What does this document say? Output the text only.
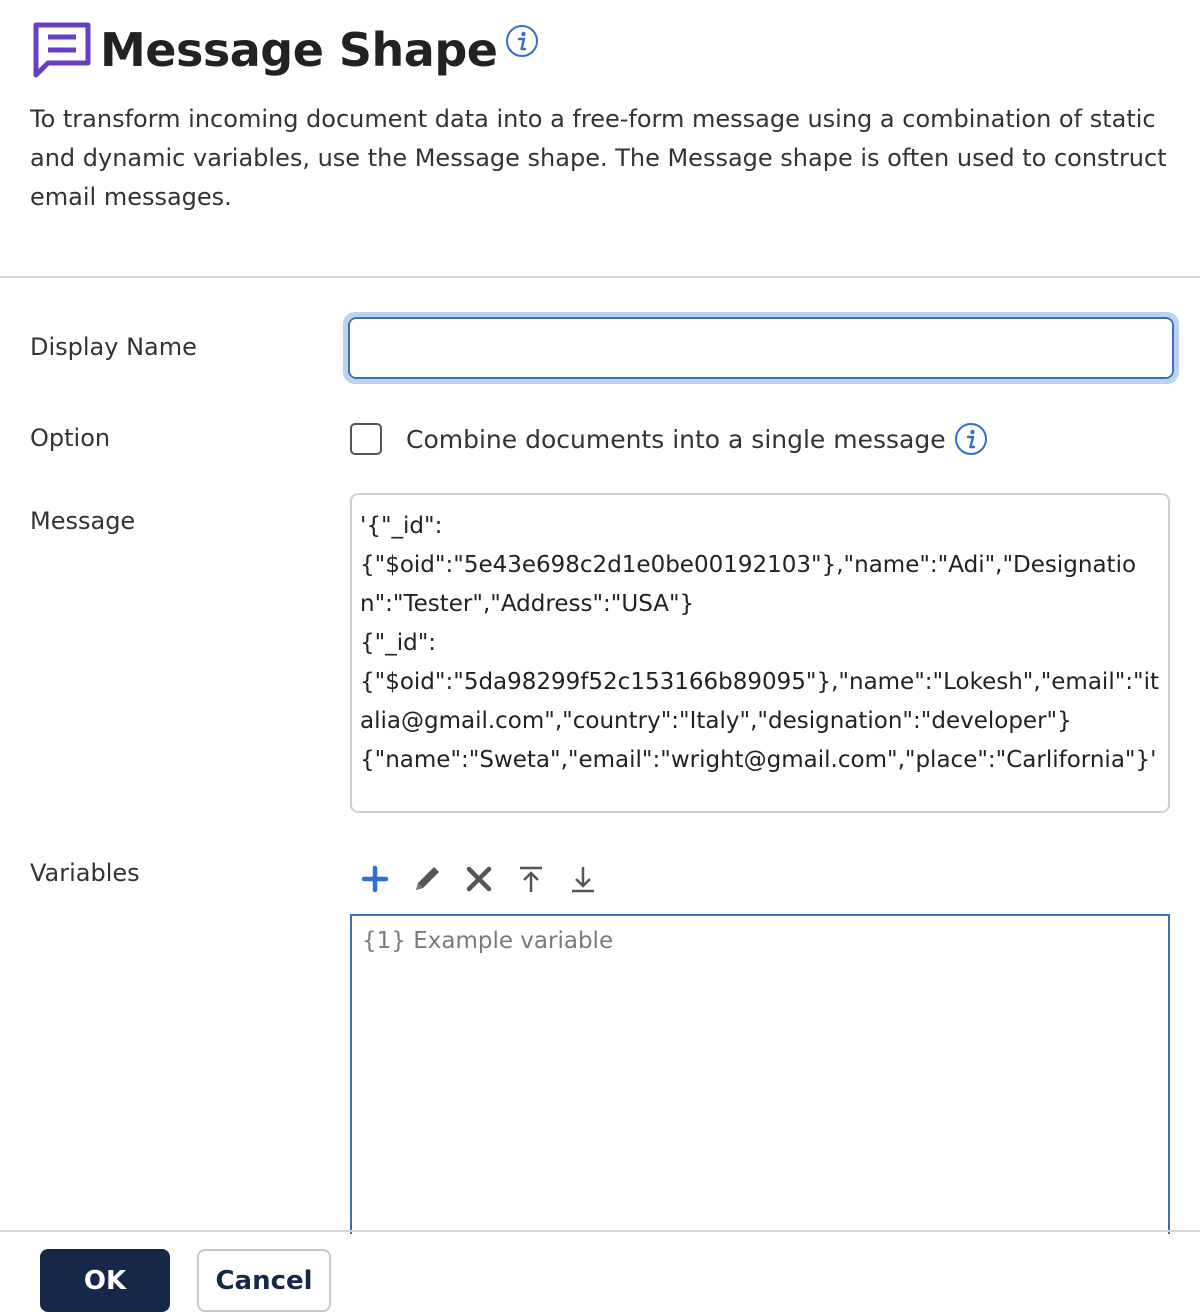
Message Shape

To transform incoming document data into a free-form message using a combination of static and dynamic variables, use the Message shape. The Message shape is often used to construct email messages.

Display Name
Option	Combine documents into a single message
Message	'{"_id":
{"$oid":"5e43e698c2d1e0be00192103"},"name":"Adi","Designation":"Tester","Address":"USA"}
{"_id":
{"$oid":"5da98299f52c153166b89095"},"name":"Lokesh","email":"italia@gmail.com","country":"Italy","designation":"developer"}
{"name":"Sweta","email":"wright@gmail.com","place":"Carlifornia"}'
Variables
{1} Example variable
OK	Cancel
